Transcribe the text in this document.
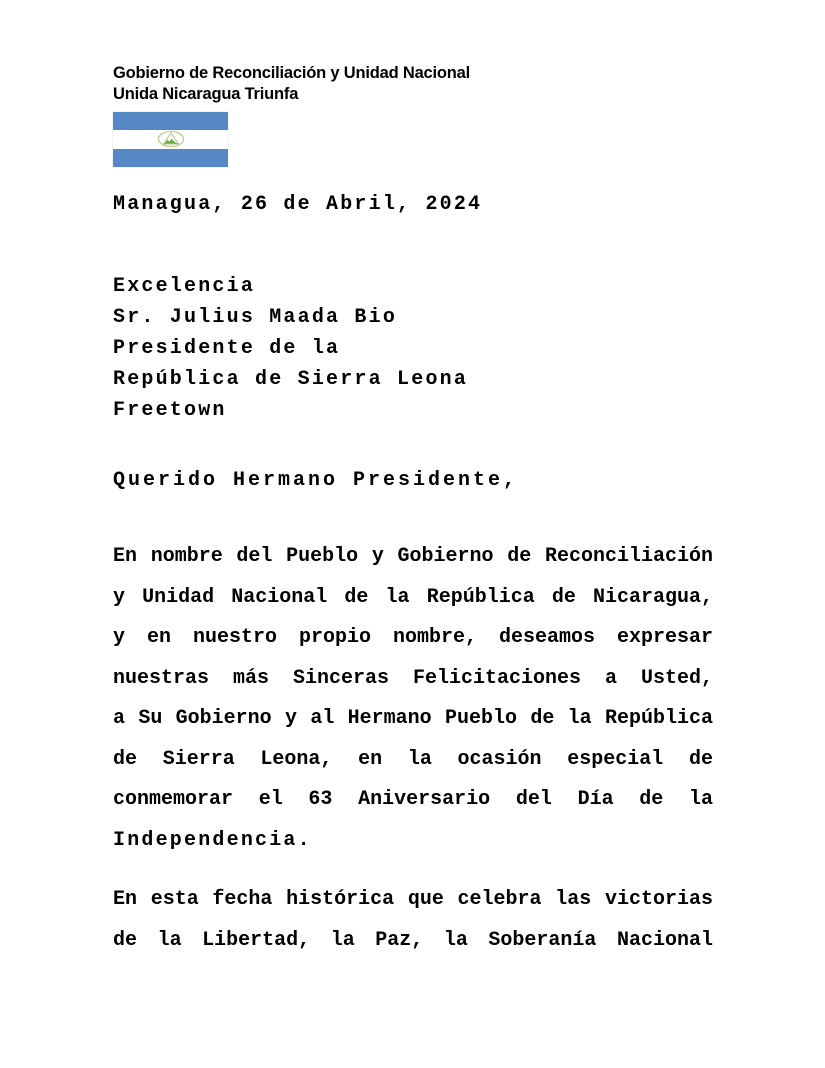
Gobierno de Reconciliación y Unidad Nacional
Unida Nicaragua Triunfa
Managua, 26 de Abril, 2024
Excelencia
Sr. Julius Maada Bio
Presidente de la
República de Sierra Leona
Freetown
Querido Hermano Presidente,
En nombre del Pueblo y Gobierno de Reconciliación
y Unidad Nacional de la República de Nicaragua,
y en nuestro propio nombre, deseamos expresar
nuestras más Sinceras Felicitaciones a Usted,
a Su Gobierno y al Hermano Pueblo de la República
de Sierra Leona, en la ocasión especial de
conmemorar el 63 Aniversario del Día de la
Independencia.
En esta fecha histórica que celebra las victorias
de la Libertad, la Paz, la Soberanía Nacional
